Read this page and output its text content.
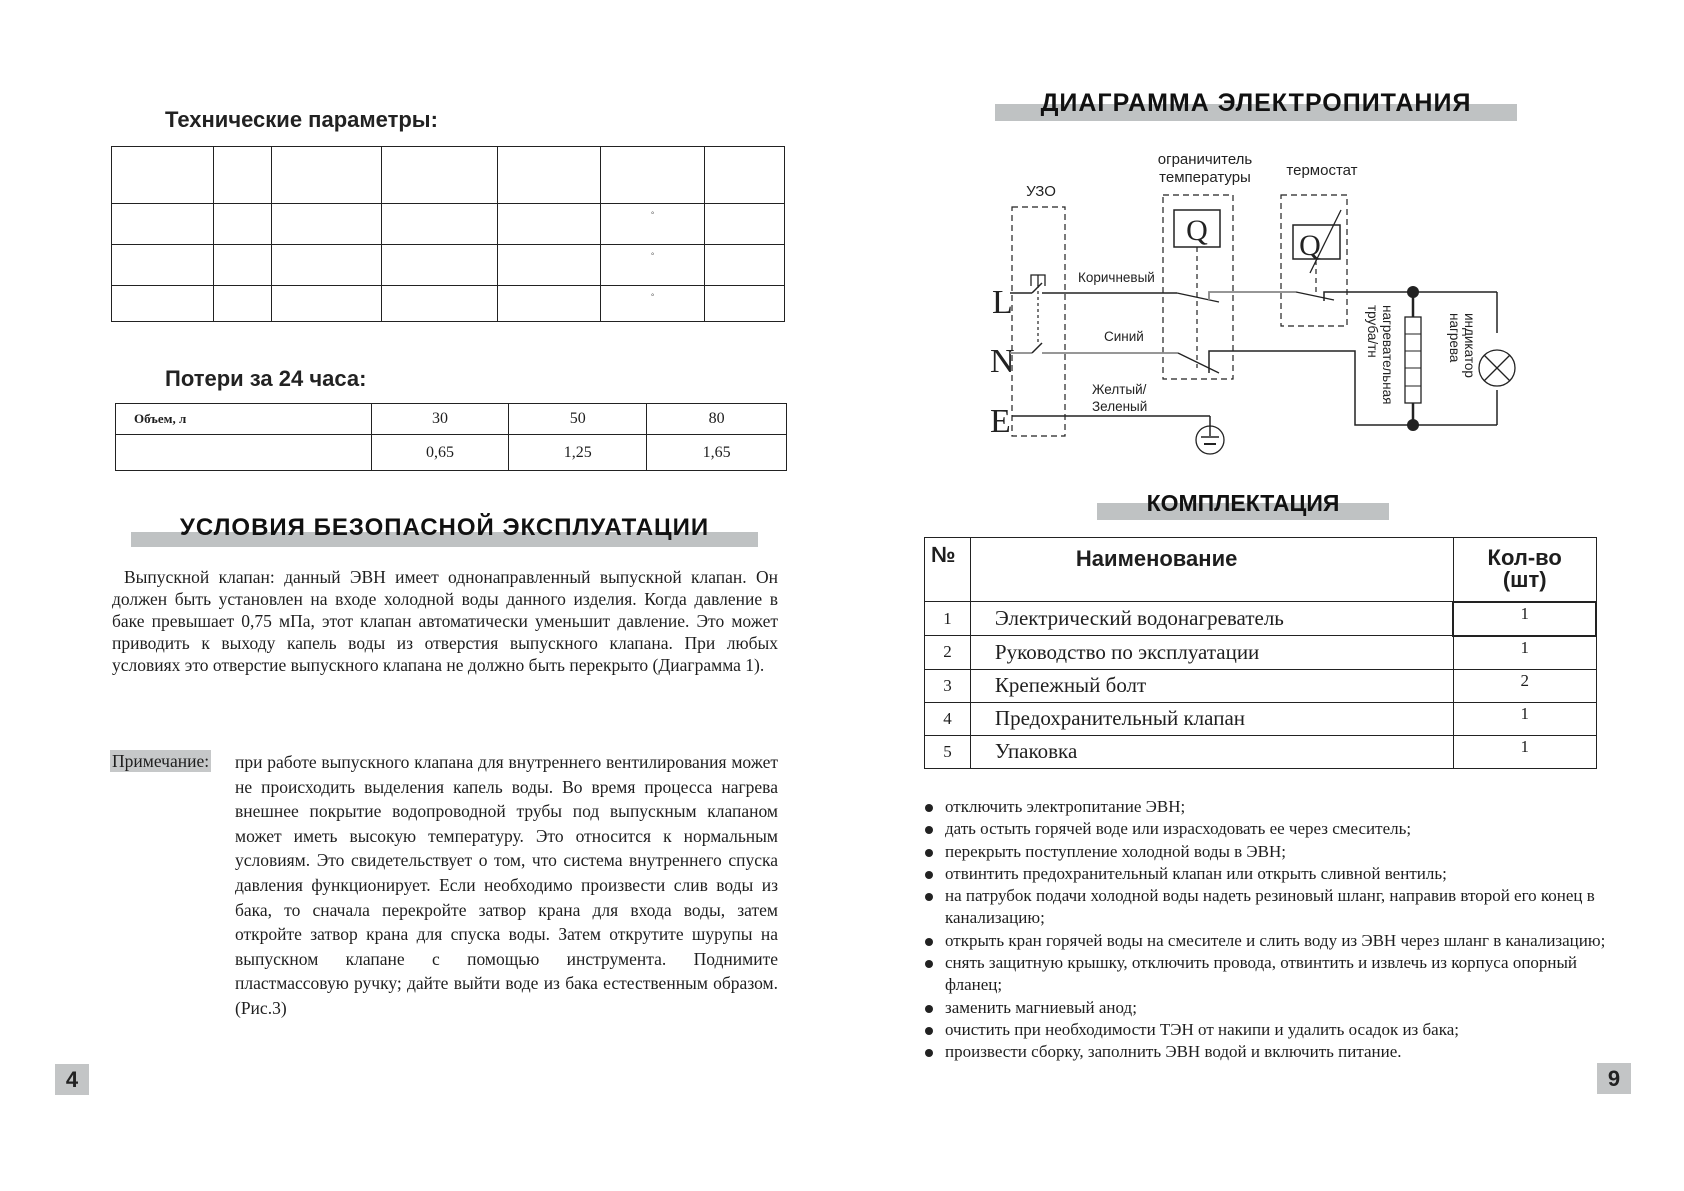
Технические параметры:

					°	
					°	
					°	
Потери за 24 часа:
Объем, л	30	50	80
	0,65	1,25	1,65
УСЛОВИЯ БЕЗОПАСНОЙ ЭКСПЛУАТАЦИИ
Выпускной клапан: данный ЭВН имеет однонаправленный выпускной клапан. Он должен быть установлен на входе холодной воды данного изделия. Когда давление в баке превышает 0,75 мПа, этот клапан автоматически уменьшит давление. Это может приводить к выходу капель воды из отверстия выпускного клапана. При любых условиях это отверстие выпускного клапана не должно быть перекрыто (Диаграмма 1).
Примечание: при работе выпускного клапана для внутреннего вентилирования может не происходить выделения капель воды. Во время процесса нагрева внешнее покрытие водопроводной трубы под выпускным клапаном может иметь высокую температуру. Это относится к нормальным условиям. Это свидетельствует о том, что система внутреннего спуска давления функционирует. Если необходимо произвести слив воды из бака, то сначала перекройте затвор крана для входа воды, затем откройте затвор крана для спуска воды. Затем открутите шурупы на выпускном клапане с помощью инструмента. Поднимите пластмассовую ручку; дайте выйти воде из бака естественным образом. (Рис.3)
4
ДИАГРАММА ЭЛЕКТРОПИТАНИЯ
УЗО
ограничитель
температуры термостат
Q	Q
L
N
E
Коричневый
Синий
Желтый/
Зеленый
нагревательная
труба/тн	индикатор
нагрева
КОМПЛЕКТАЦИЯ
№	Наименование	Кол-во
(шт)

1	Электрический водонагреватель	1
2	Руководство по эксплуатации	1
3	Крепежный болт	2
4	Предохранительный клапан	1
5	Упаковка	1
отключить электропитание ЭВН;
дать остыть горячей воде или израсходовать ее через смеситель;
перекрыть поступление холодной воды в ЭВН;
отвинтить предохранительный клапан или открыть сливной вентиль;
на патрубок подачи холодной воды надеть резиновый шланг, направив второй его конец в канализацию;
открыть кран горячей воды на смесителе и слить воду из ЭВН через шланг в канализацию;
снять защитную крышку, отключить провода, отвинтить и извлечь из корпуса опорный фланец;
заменить магниевый анод;
очистить при необходимости ТЭН от накипи и удалить осадок из бака;
произвести сборку, заполнить ЭВН водой и включить питание.
9
